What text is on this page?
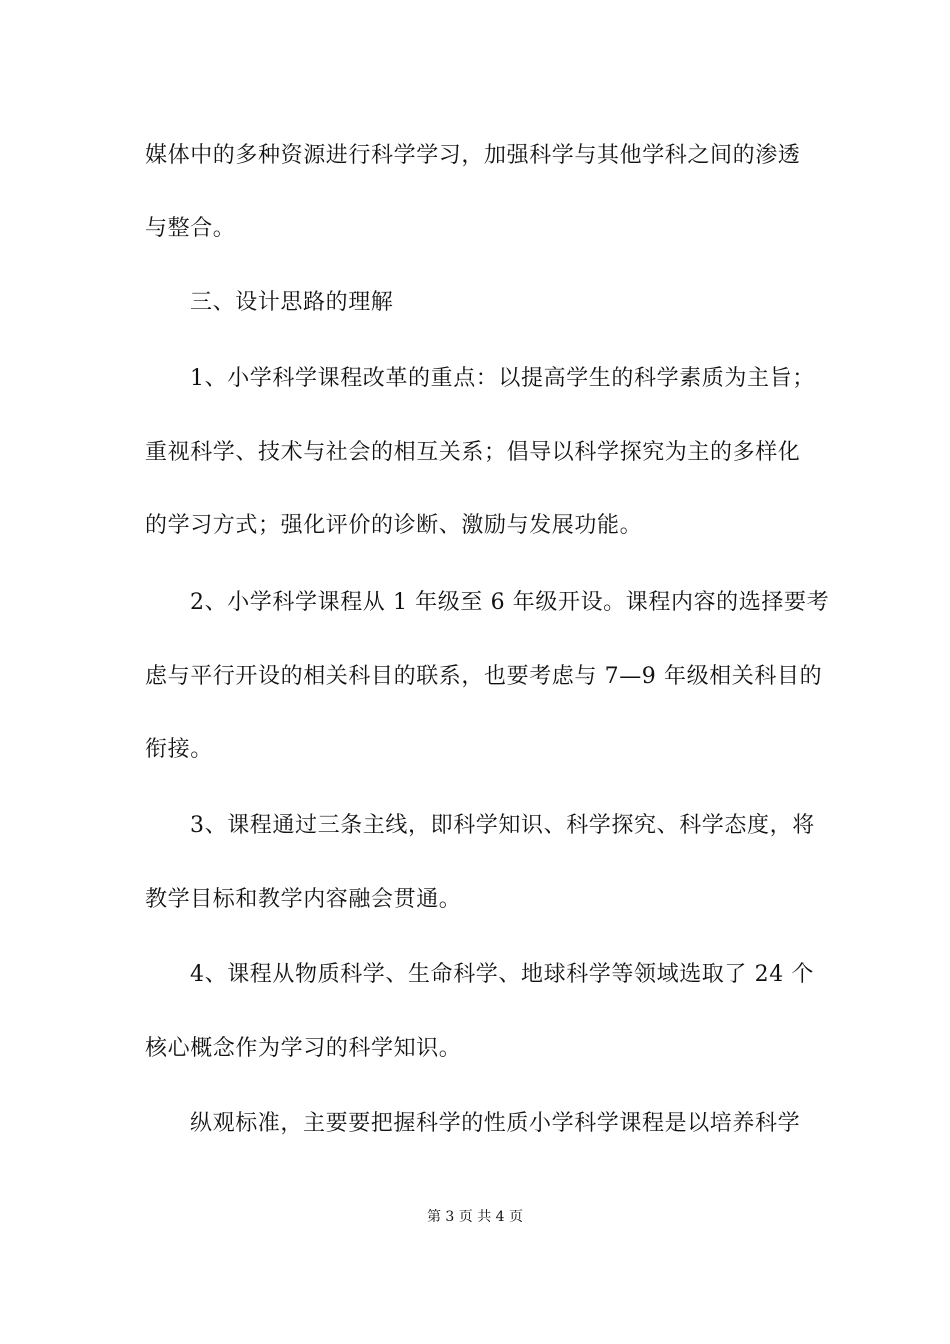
媒体中的多种资源进行科学学习，加强科学与其他学科之间的渗透
与整合。
三、设计思路的理解
1、小学科学课程改革的重点：以提高学生的科学素质为主旨；
重视科学、技术与社会的相互关系；倡导以科学探究为主的多样化
的学习方式；强化评价的诊断、激励与发展功能。
2、小学科学课程从 1 年级至 6 年级开设。课程内容的选择要考
虑与平行开设的相关科目的联系，也要考虑与 7—9 年级相关科目的
衔接。
3、课程通过三条主线，即科学知识、科学探究、科学态度，将
教学目标和教学内容融会贯通。
4、课程从物质科学、生命科学、地球科学等领域选取了 24 个
核心概念作为学习的科学知识。
纵观标准，主要要把握科学的性质小学科学课程是以培养科学
第 3 页 共 4 页
